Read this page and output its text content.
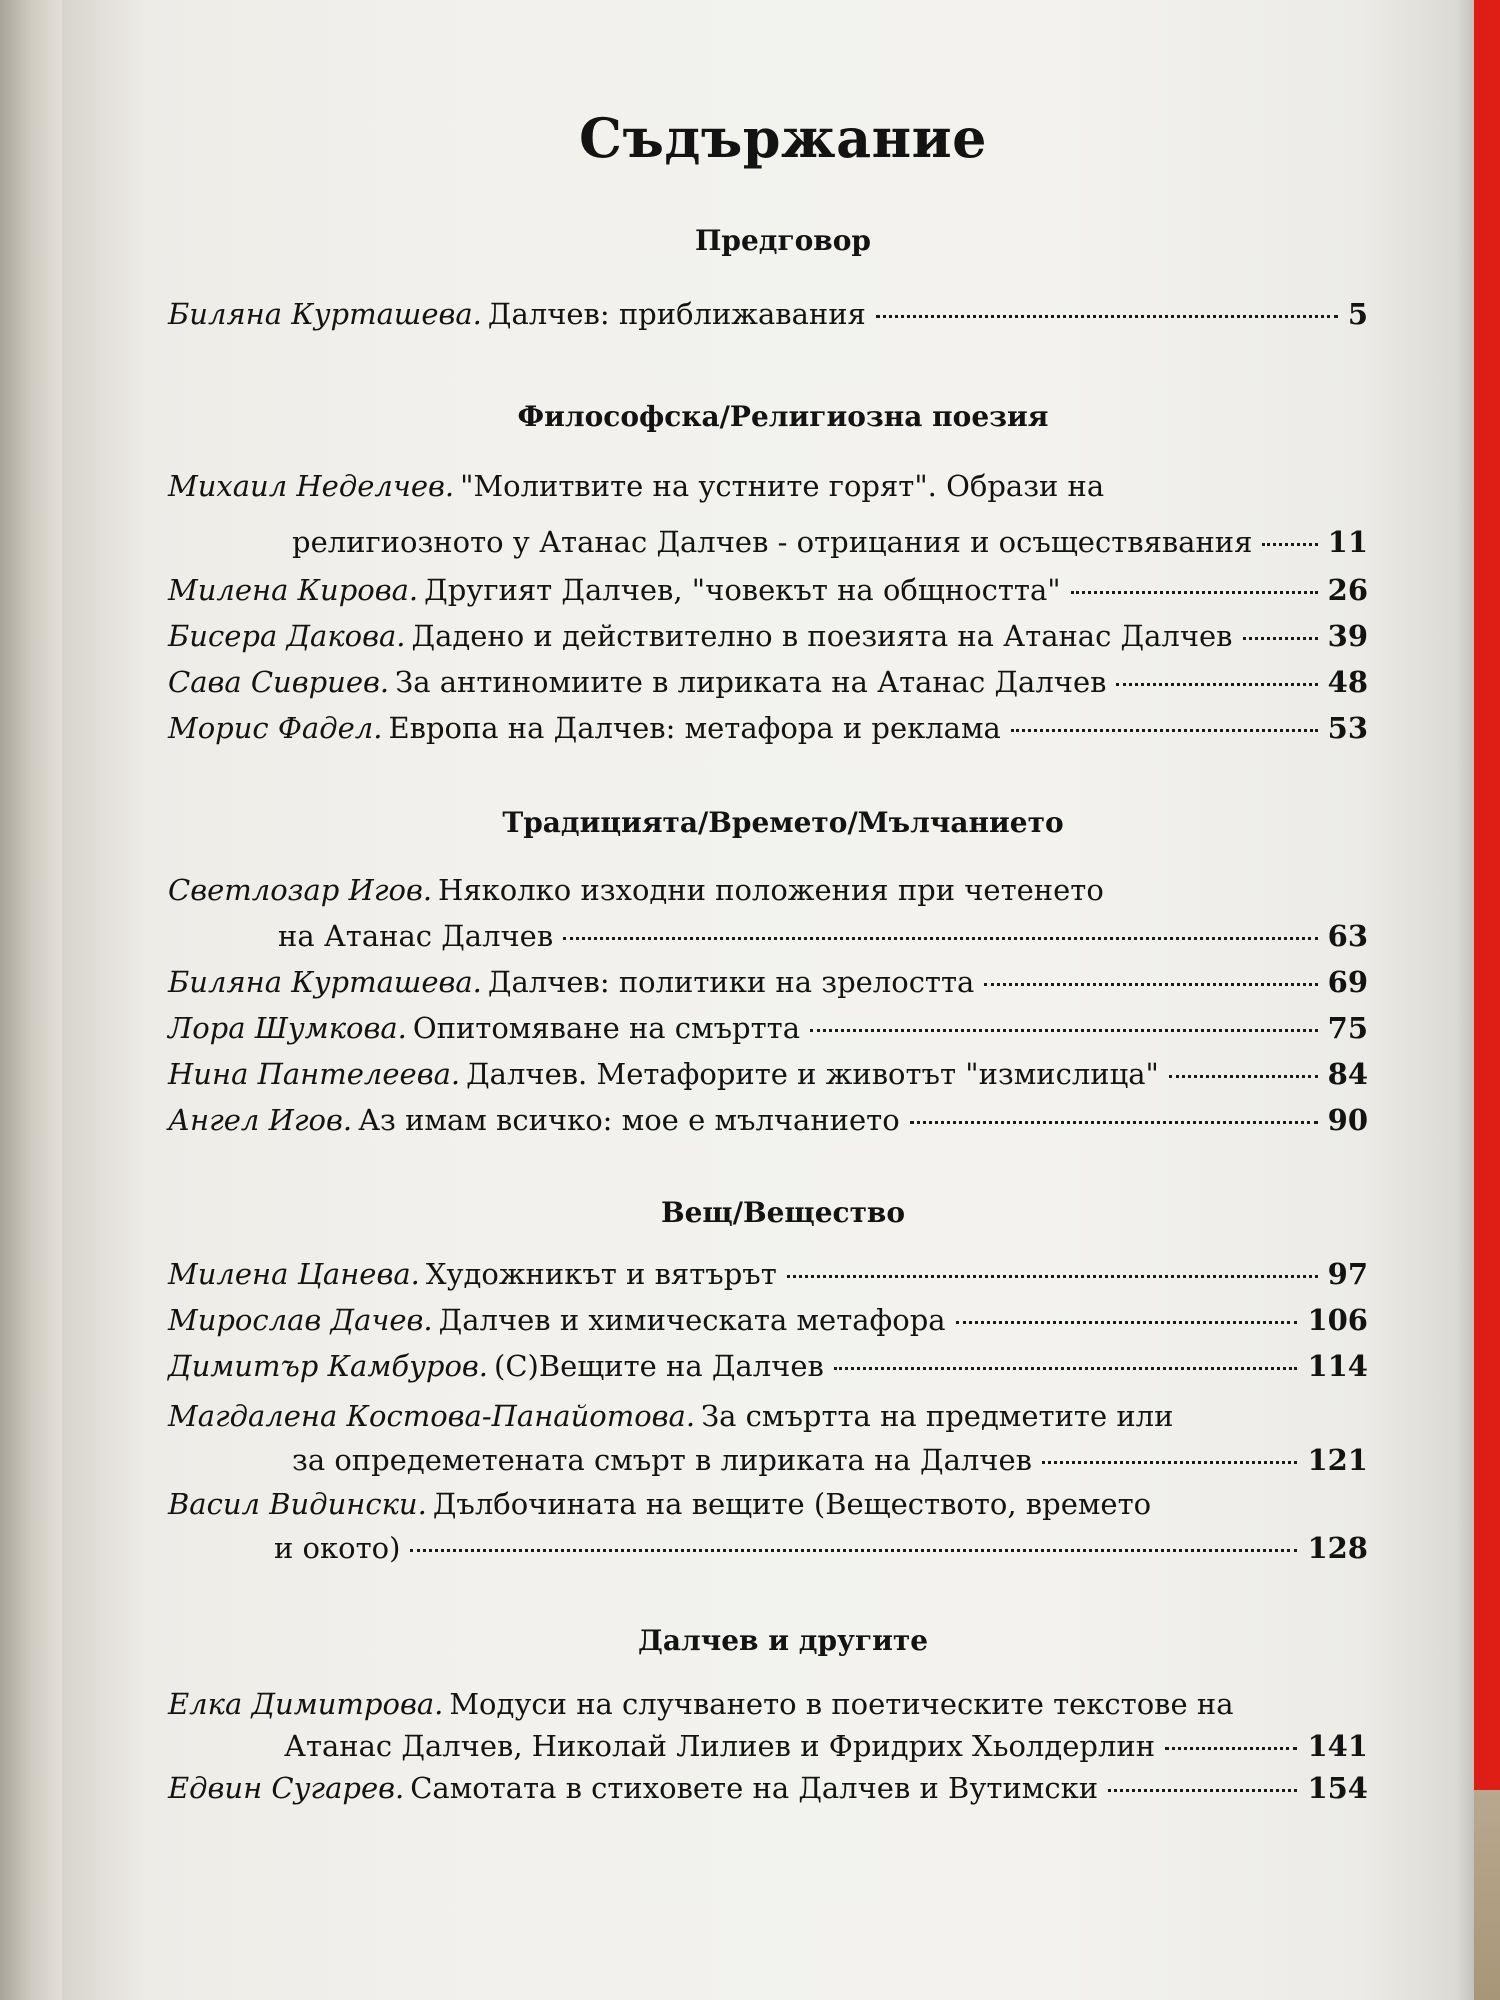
Съдържание
Предговор
Биляна Курташева. Далчев: приближавания	5
Философска/Религиозна поезия
Михаил Неделчев. "Молитвите на устните горят". Образи на
религиозното у Атанас Далчев - отрицания и осъществявания	11
Милена Кирова. Другият Далчев, "човекът на общността"	26
Бисера Дакова. Дадено и действително в поезията на Атанас Далчев	39
Сава Сивриев. За антиномиите в лириката на Атанас Далчев	48
Морис Фадел. Европа на Далчев: метафора и реклама	53
Традицията/Времето/Мълчанието
Светлозар Игов. Няколко изходни положения при четенето
на Атанас Далчев	63
Биляна Курташева. Далчев: политики на зрелостта	69
Лора Шумкова. Опитомяване на смъртта	75
Нина Пантелеева. Далчев. Метафорите и животът "измислица"	84
Ангел Игов. Аз имам всичко: мое е мълчанието	90
Вещ/Вещество
Милена Цанева. Художникът и вятърът	97
Мирослав Дачев. Далчев и химическата метафора	106
Димитър Камбуров. (С)Вещите на Далчев	114
Магдалена Костова-Панайотова. За смъртта на предметите или
за опредеметената смърт в лириката на Далчев	121
Васил Видински. Дълбочината на вещите (Веществото, времето
и окото)	128
Далчев и другите
Елка Димитрова. Модуси на случването в поетическите текстове на
Атанас Далчев, Николай Лилиев и Фридрих Хьолдерлин	141
Едвин Сугарев. Самотата в стиховете на Далчев и Вутимски	154
